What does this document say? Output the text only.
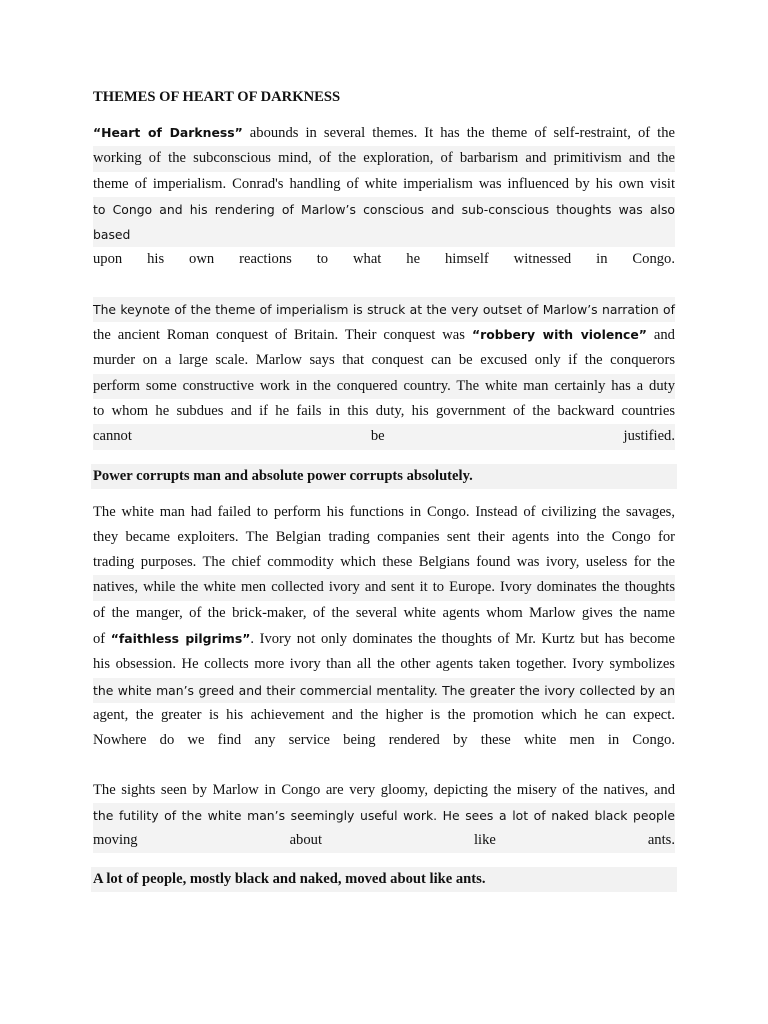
THEMES OF HEART OF DARKNESS
“Heart of Darkness” abounds in several themes. It has the theme of self-restraint, of the
working of the subconscious mind, of the exploration, of barbarism and primitivism and the
theme of imperialism. Conrad's handling of white imperialism was influenced by his own visit
to Congo and his rendering of Marlow’s conscious and sub-conscious thoughts was also based
upon his own reactions to what he himself witnessed in Congo.
The keynote of the theme of imperialism is struck at the very outset of Marlow’s narration of
the ancient Roman conquest of Britain. Their conquest was “robbery with violence” and
murder on a large scale. Marlow says that conquest can be excused only if the conquerors
perform some constructive work in the conquered country. The white man certainly has a duty
to whom he subdues and if he fails in this duty, his government of the backward countries
cannot be justified.
Power corrupts man and absolute power corrupts absolutely.
The white man had failed to perform his functions in Congo. Instead of civilizing the savages,
they became exploiters. The Belgian trading companies sent their agents into the Congo for
trading purposes. The chief commodity which these Belgians found was ivory, useless for the
natives, while the white men collected ivory and sent it to Europe. Ivory dominates the thoughts
of the manger, of the brick-maker, of the several white agents whom Marlow gives the name
of “faithless pilgrims”. Ivory not only dominates the thoughts of Mr. Kurtz but has become
his obsession. He collects more ivory than all the other agents taken together. Ivory symbolizes
the white man’s greed and their commercial mentality. The greater the ivory collected by an
agent, the greater is his achievement and the higher is the promotion which he can expect.
Nowhere do we find any service being rendered by these white men in Congo.
The sights seen by Marlow in Congo are very gloomy, depicting the misery of the natives, and
the futility of the white man’s seemingly useful work. He sees a lot of naked black people
moving about like ants.
A lot of people, mostly black and naked, moved about like ants.
